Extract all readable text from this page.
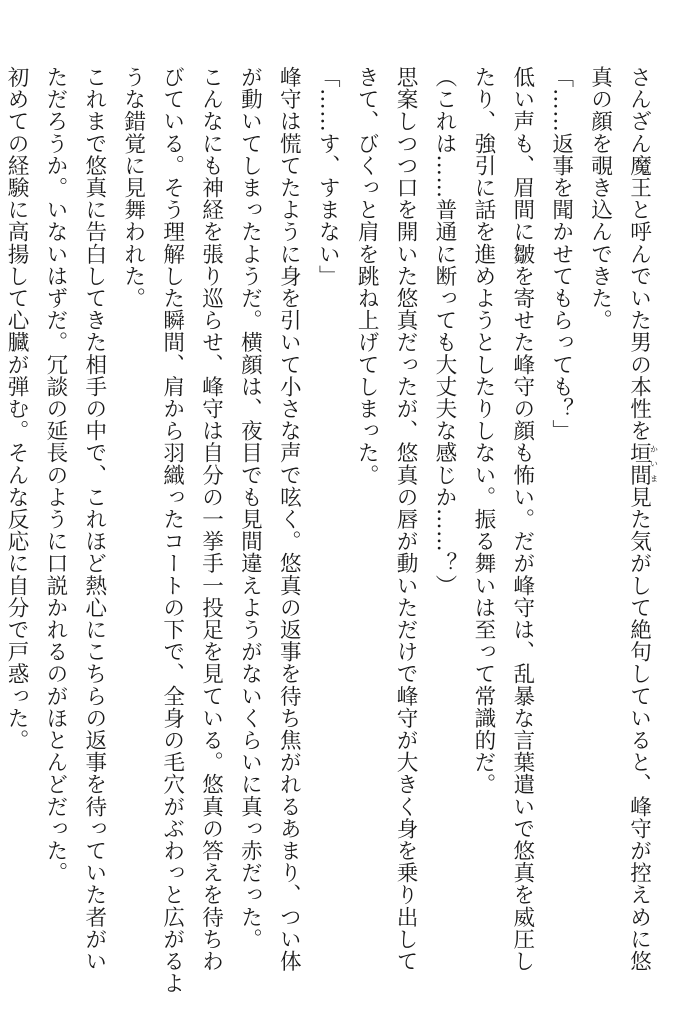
さんざん魔王と呼んでいた男の本性を垣間かいま見た気がして絶句していると、峰守が控えめに悠
真の顔を覗き込んできた。
「……返事を聞かせてもらっても？」
低い声も、眉間に皺を寄せた峰守の顔も怖い。だが峰守は、乱暴な言葉遣いで悠真を威圧し
たり、強引に話を進めようとしたりしない。振る舞いは至って常識的だ。
（これは……普通に断っても大丈夫な感じか……？）
思案しつつ口を開いた悠真だったが、悠真の唇が動いただけで峰守が大きく身を乗り出して
きて、びくっと肩を跳ね上げてしまった。
「……す、すまない」
峰守は慌てたように身を引いて小さな声で呟く。悠真の返事を待ち焦がれるあまり、つい体
が動いてしまったようだ。横顔は、夜目でも見間違えようがないくらいに真っ赤だった。
こんなにも神経を張り巡らせ、峰守は自分の一挙手一投足を見ている。悠真の答えを待ちわ
びている。そう理解した瞬間、肩から羽織ったコートの下で、全身の毛穴がぶわっと広がるよ
うな錯覚に見舞われた。
これまで悠真に告白してきた相手の中で、これほど熱心にこちらの返事を待っていた者がい
ただろうか。いないはずだ。冗談の延長のように口説かれるのがほとんどだった。
初めての経験に高揚して心臓が弾む。そんな反応に自分で戸惑った。
